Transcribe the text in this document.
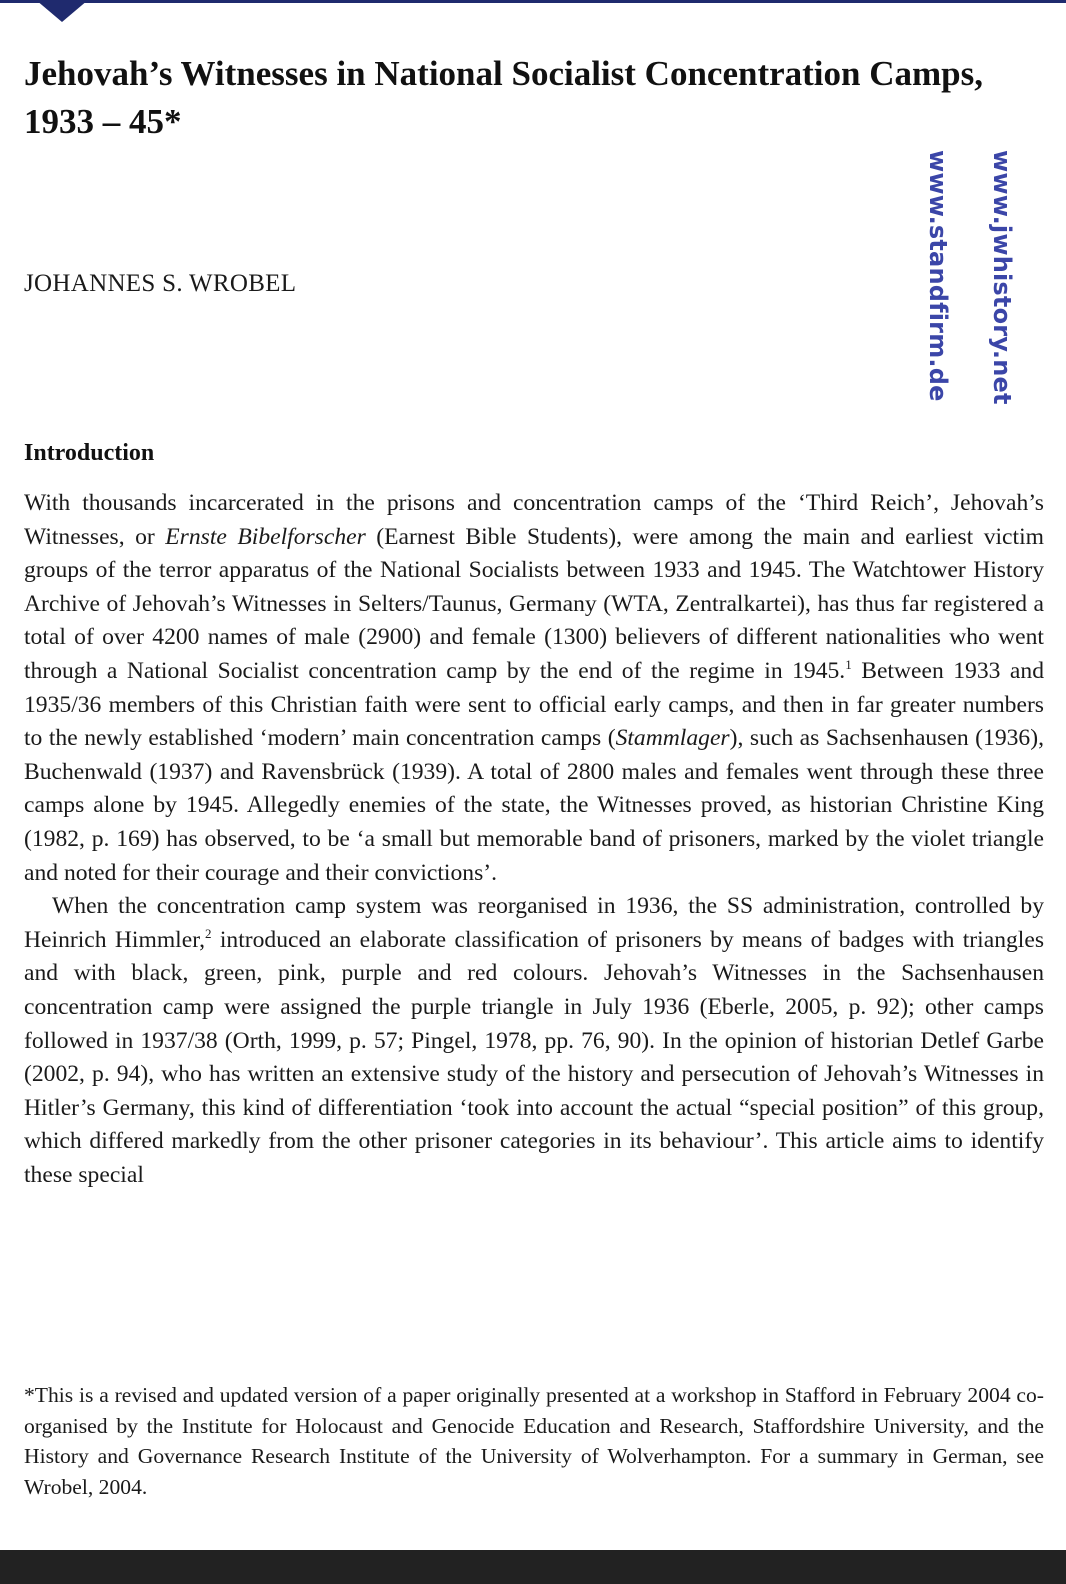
Jehovah’s Witnesses in National Socialist Concentration Camps, 1933 – 45*
JOHANNES S. WROBEL	www.standfirm.de www.jwhistory.net
Introduction

With thousands incarcerated in the prisons and concentration camps of the ‘Third Reich’, Jehovah’s Witnesses, or Ernste Bibelforscher (Earnest Bible Students), were among the main and earliest victim groups of the terror apparatus of the National Socialists between 1933 and 1945. The Watchtower History Archive of Jehovah’s Witnesses in Selters/Taunus, Germany (WTA, Zentralkartei), has thus far registered a total of over 4200 names of male (2900) and female (1300) believers of different nationalities who went through a National Socialist concentration camp by the end of the regime in 1945.$^1$ Between 1933 and 1935/36 members of this Christian faith were sent to official early camps, and then in far greater numbers to the newly established ‘modern’ main concentration camps (Stammlager), such as Sachsenhausen (1936), Buchenwald (1937) and Ravensbrück (1939). A total of 2800 males and females went through these three camps alone by 1945. Allegedly enemies of the state, the Witnesses proved, as historian Christine King (1982, p. 169) has observed, to be ‘a small but memorable band of prisoners, marked by the violet triangle and noted for their courage and their convictions’.

When the concentration camp system was reorganised in 1936, the SS administration, controlled by Heinrich Himmler,$^2$ introduced an elaborate classification of prisoners by means of badges with triangles and with black, green, pink, purple and red colours. Jehovah’s Witnesses in the Sachsenhausen concentration camp were assigned the purple triangle in July 1936 (Eberle, 2005, p. 92); other camps followed in 1937/38 (Orth, 1999, p. 57; Pingel, 1978, pp. 76, 90). In the opinion of historian Detlef Garbe (2002, p. 94), who has written an extensive study of the history and persecution of Jehovah’s Witnesses in Hitler’s Germany, this kind of differentiation ‘took into account the actual “special position” of this group, which differed markedly from the other prisoner categories in its behaviour’. This article aims to identify these special

*This is a revised and updated version of a paper originally presented at a workshop in Stafford in February 2004 co-organised by the Institute for Holocaust and Genocide Education and Research, Staffordshire University, and the History and Governance Research Institute of the University of Wolverhampton. For a summary in German, see Wrobel, 2004.
